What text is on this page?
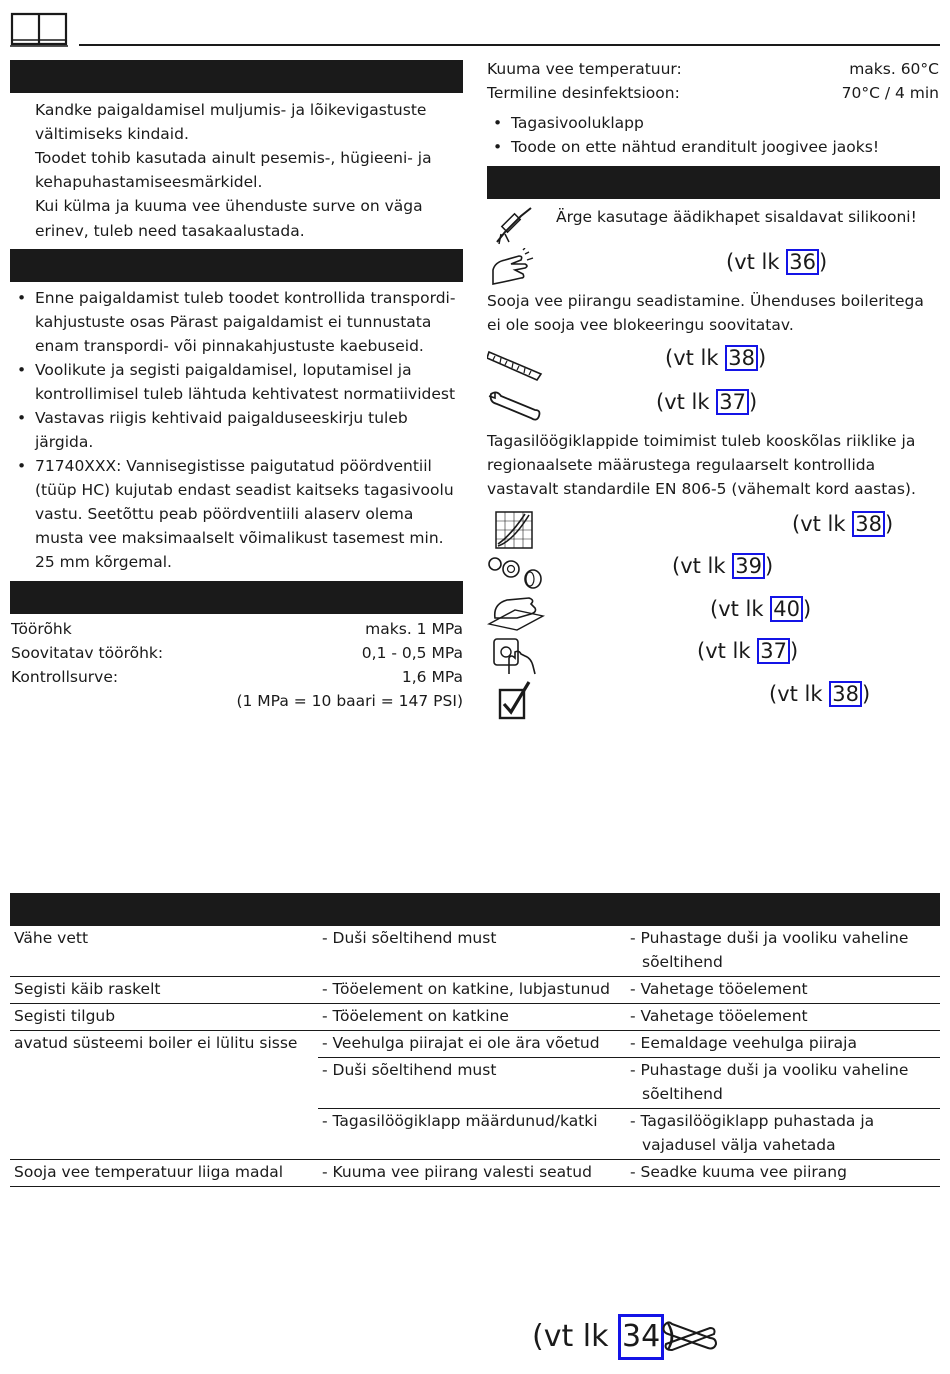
Kandke paigaldamisel muljumis- ja lõikevigastuste
vältimiseks kindaid.
Toodet tohib kasutada ainult pesemis-, hügieeni- ja
kehapuhastamiseesmärkidel.
Kui külma ja kuuma vee ühenduste surve on väga
erinev, tuleb need tasakaalustada.
• Enne paigaldamist tuleb toodet kontrollida transpordi-
kahjustuste osas Pärast paigaldamist ei tunnustata
enam transpordi- või pinnakahjustuste kaebuseid.
• Voolikute ja segisti paigaldamisel, loputamisel ja
kontrollimisel tuleb lähtuda kehtivatest normatiividest
• Vastavas riigis kehtivaid paigalduseeskirju tuleb
järgida.
• 71740XXX: Vannisegistisse paigutatud pöördventiil
(tüüp HC) kujutab endast seadist kaitseks tagasivoolu
vastu. Seetõttu peab pöördventiili alaserv olema
musta vee maksimaalselt võimalikust tasemest min.
25 mm kõrgemal.
Töörõhk	maks. 1 MPa
Soovitatav töörõhk:	0,1 - 0,5 MPa
Kontrollsurve:	1,6 MPa
(1 MPa = 10 baari = 147 PSI)
Kuuma vee temperatuur:	maks. 60°C
Termiline desinfektsioon:	70°C / 4 min
• Tagasivooluklapp
• Toode on ette nähtud eranditult joogivee jaoks!
Ärge kasutage äädikhapet sisaldavat silikooni!
(vt lk 36 )
Sooja vee piirangu seadistamine. Ühenduses boileritega
ei ole sooja vee blokeeringu soovitatav.
(vt lk 38 )
(vt lk 37 )
Tagasilöögiklappide toimimist tuleb kooskõlas riiklike ja
regionaalsete määrustega regulaarselt kontrollida
vastavalt standardile EN 806-5 (vähemalt kord aastas).
(vt lk 38 )
(vt lk 39 )
(vt lk 40 )
(vt lk 37 )
(vt lk 38 )
Vähe vett	- Duši sõeltihend must	- Puhastage duši ja vooliku vaheline sõeltihend
Segisti käib raskelt	- Tööelement on katkine, lubjastunud	- Vahetage tööelement
Segisti tilgub	- Tööelement on katkine	- Vahetage tööelement
avatud süsteemi boiler ei lülitu sisse	- Veehulga piirajat ei ole ära võetud	- Eemaldage veehulga piiraja
	- Duši sõeltihend must	- Puhastage duši ja vooliku vaheline sõeltihend
	- Tagasilöögiklapp määrdunud/katki	- Tagasilöögiklapp puhastada ja vajadusel välja vahetada
Sooja vee temperatuur liiga madal	- Kuuma vee piirang valesti seatud	- Seadke kuuma vee piirang
(vt lk 34 )
